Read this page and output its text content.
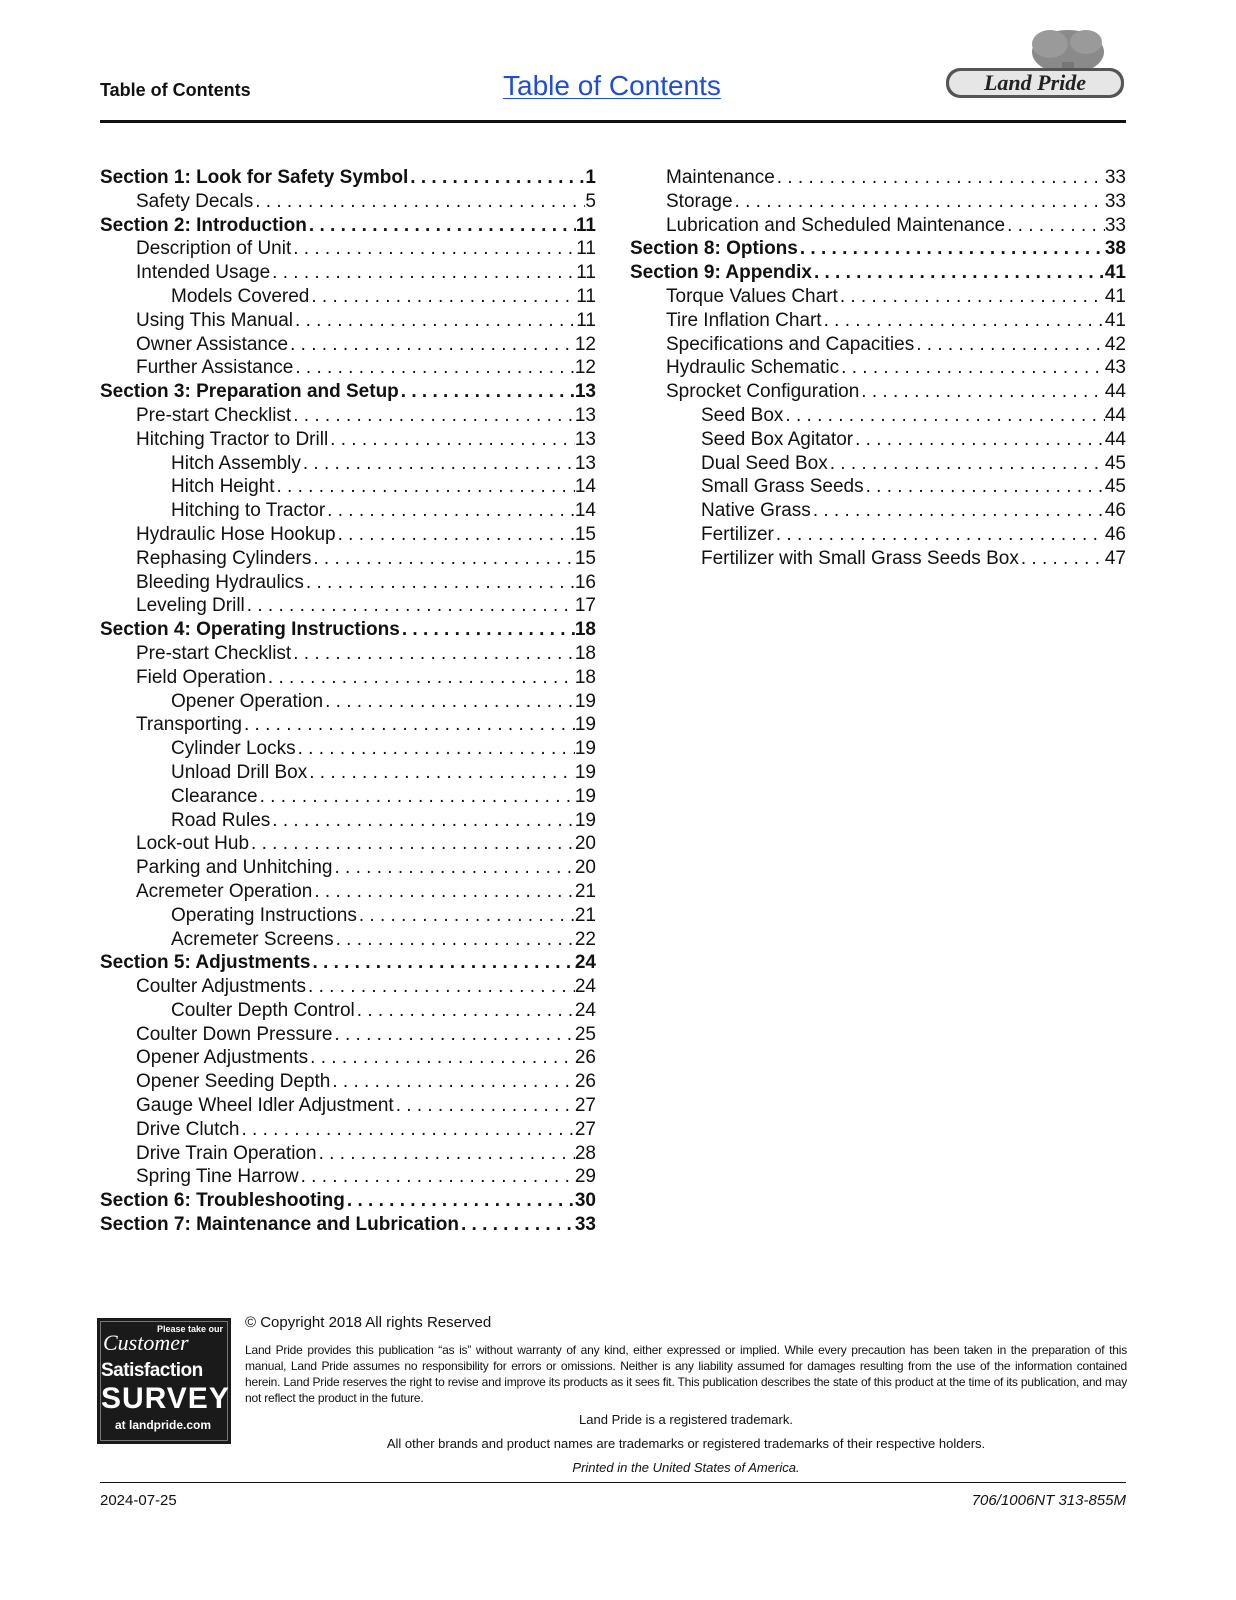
Table of Contents	Table of Contents	Land Pride
Section 1: Look for Safety Symbol . . .	1
Safety Decals . . .	5
Section 2: Introduction . . .	11
Description of Unit . . .	11
Intended Usage . . .	11
Models Covered . . .	11
Using This Manual . . .	11
Owner Assistance . . .	12
Further Assistance . . .	12
Section 3: Preparation and Setup . . .	13
Pre-start Checklist . . .	13
Hitching Tractor to Drill . . .	13
Hitch Assembly . . .	13
Hitch Height . . .	14
Hitching to Tractor . . .	14
Hydraulic Hose Hookup . . .	15
Rephasing Cylinders . . .	15
Bleeding Hydraulics . . .	16
Leveling Drill . . .	17
Section 4: Operating Instructions . . .	18
Pre-start Checklist . . .	18
Field Operation . . .	18
Opener Operation . . .	19
Transporting . . .	19
Cylinder Locks . . .	19
Unload Drill Box . . .	19
Clearance . . .	19
Road Rules . . .	19
Lock-out Hub . . .	20
Parking and Unhitching . . .	20
Acremeter Operation . . .	21
Operating Instructions . . .	21
Acremeter Screens . . .	22
Section 5: Adjustments . . .	24
Coulter Adjustments . . .	24
Coulter Depth Control . . .	24
Coulter Down Pressure . . .	25
Opener Adjustments . . .	26
Opener Seeding Depth . . .	26
Gauge Wheel Idler Adjustment . . .	27
Drive Clutch . . .	27
Drive Train Operation . . .	28
Spring Tine Harrow . . .	29
Section 6: Troubleshooting . . .	30
Section 7: Maintenance and Lubrication . . .	33
Maintenance . . .	33
Storage . . .	33
Lubrication and Scheduled Maintenance . . .	33
Section 8: Options . . .	38
Section 9: Appendix . . .	41
Torque Values Chart . . .	41
Tire Inflation Chart . . .	41
Specifications and Capacities . . .	42
Hydraulic Schematic . . .	43
Sprocket Configuration . . .	44
Seed Box . . .	44
Seed Box Agitator . . .	44
Dual Seed Box . . .	45
Small Grass Seeds . . .	45
Native Grass . . .	46
Fertilizer . . .	46
Fertilizer with Small Grass Seeds Box . . .	47
Please take our
Customer
Satisfaction
SURVEY
at landpride.com
© Copyright 2018 All rights Reserved
Land Pride provides this publication “as is” without warranty of any kind, either expressed or implied. While every precaution has been taken in the preparation of this manual, Land Pride assumes no responsibility for errors or omissions. Neither is any liability assumed for damages resulting from the use of the information contained herein. Land Pride reserves the right to revise and improve its products as it sees fit. This publication describes the state of this product at the time of its publication, and may not reflect the product in the future.
Land Pride is a registered trademark.
All other brands and product names are trademarks or registered trademarks of their respective holders.
Printed in the United States of America.
2024-07-25	706/1006NT 313-855M
